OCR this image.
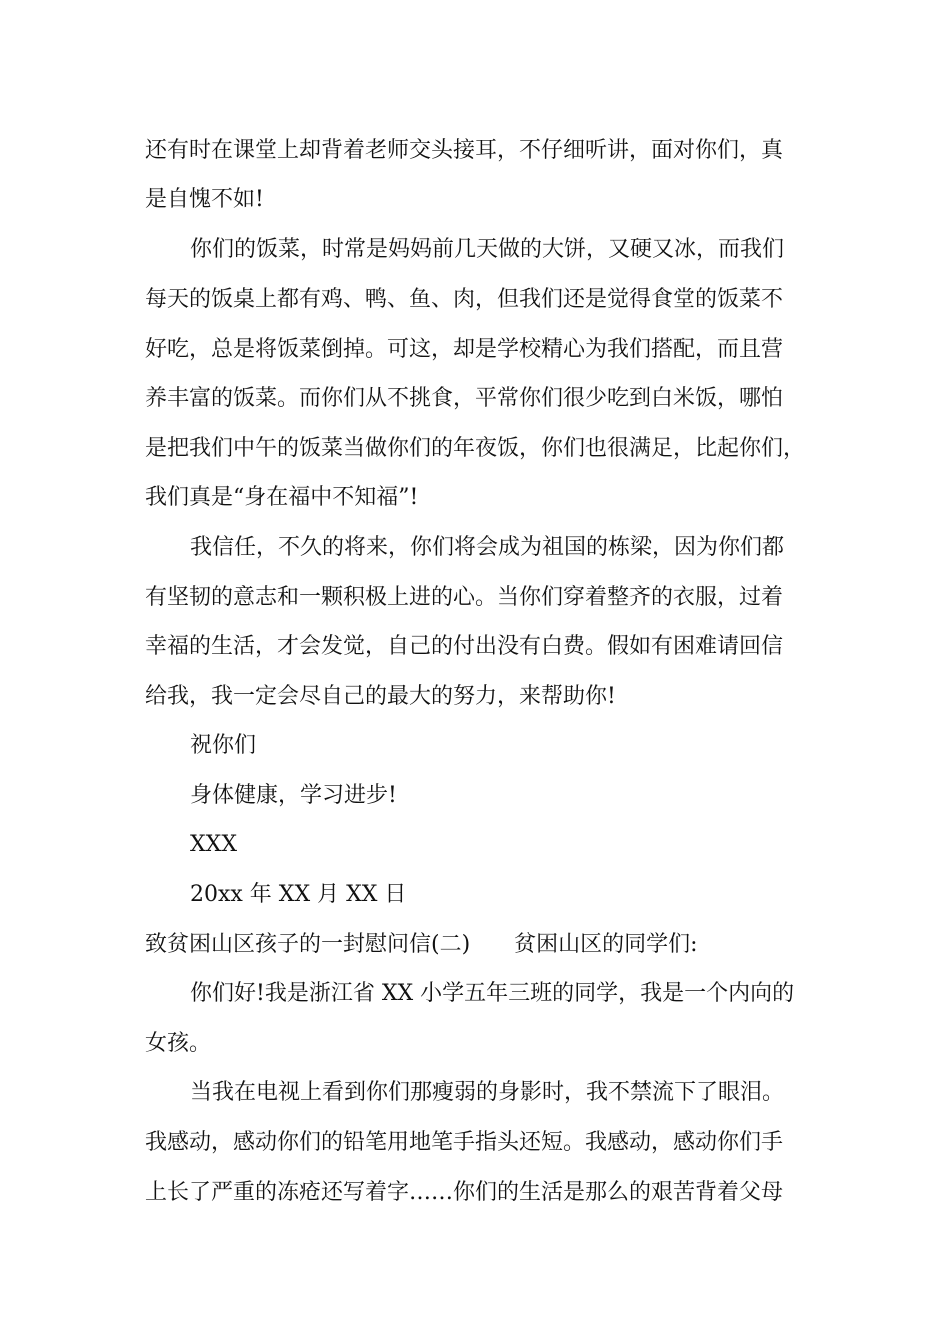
还有时在课堂上却背着老师交头接耳，不仔细听讲，面对你们，真
是自愧不如!
你们的饭菜，时常是妈妈前几天做的大饼，又硬又冰，而我们
每天的饭桌上都有鸡、鸭、鱼、肉，但我们还是觉得食堂的饭菜不
好吃，总是将饭菜倒掉。可这，却是学校精心为我们搭配，而且营
养丰富的饭菜。而你们从不挑食，平常你们很少吃到白米饭，哪怕
是把我们中午的饭菜当做你们的年夜饭，你们也很满足，比起你们，
我们真是“身在福中不知福”!
我信任，不久的将来，你们将会成为祖国的栋梁，因为你们都
有坚韧的意志和一颗积极上进的心。当你们穿着整齐的衣服，过着
幸福的生活，才会发觉，自己的付出没有白费。假如有困难请回信
给我，我一定会尽自己的最大的努力，来帮助你!
祝你们
身体健康，学习进步!
XXX
20xx 年 XX 月 XX 日
致贫困山区孩子的一封慰问信(二)　　贫困山区的同学们:
你们好!我是浙江省 XX 小学五年三班的同学，我是一个内向的
女孩。
当我在电视上看到你们那瘦弱的身影时，我不禁流下了眼泪。
我感动，感动你们的铅笔用地笔手指头还短。我感动，感动你们手
上长了严重的冻疮还写着字……你们的生活是那么的艰苦背着父母
